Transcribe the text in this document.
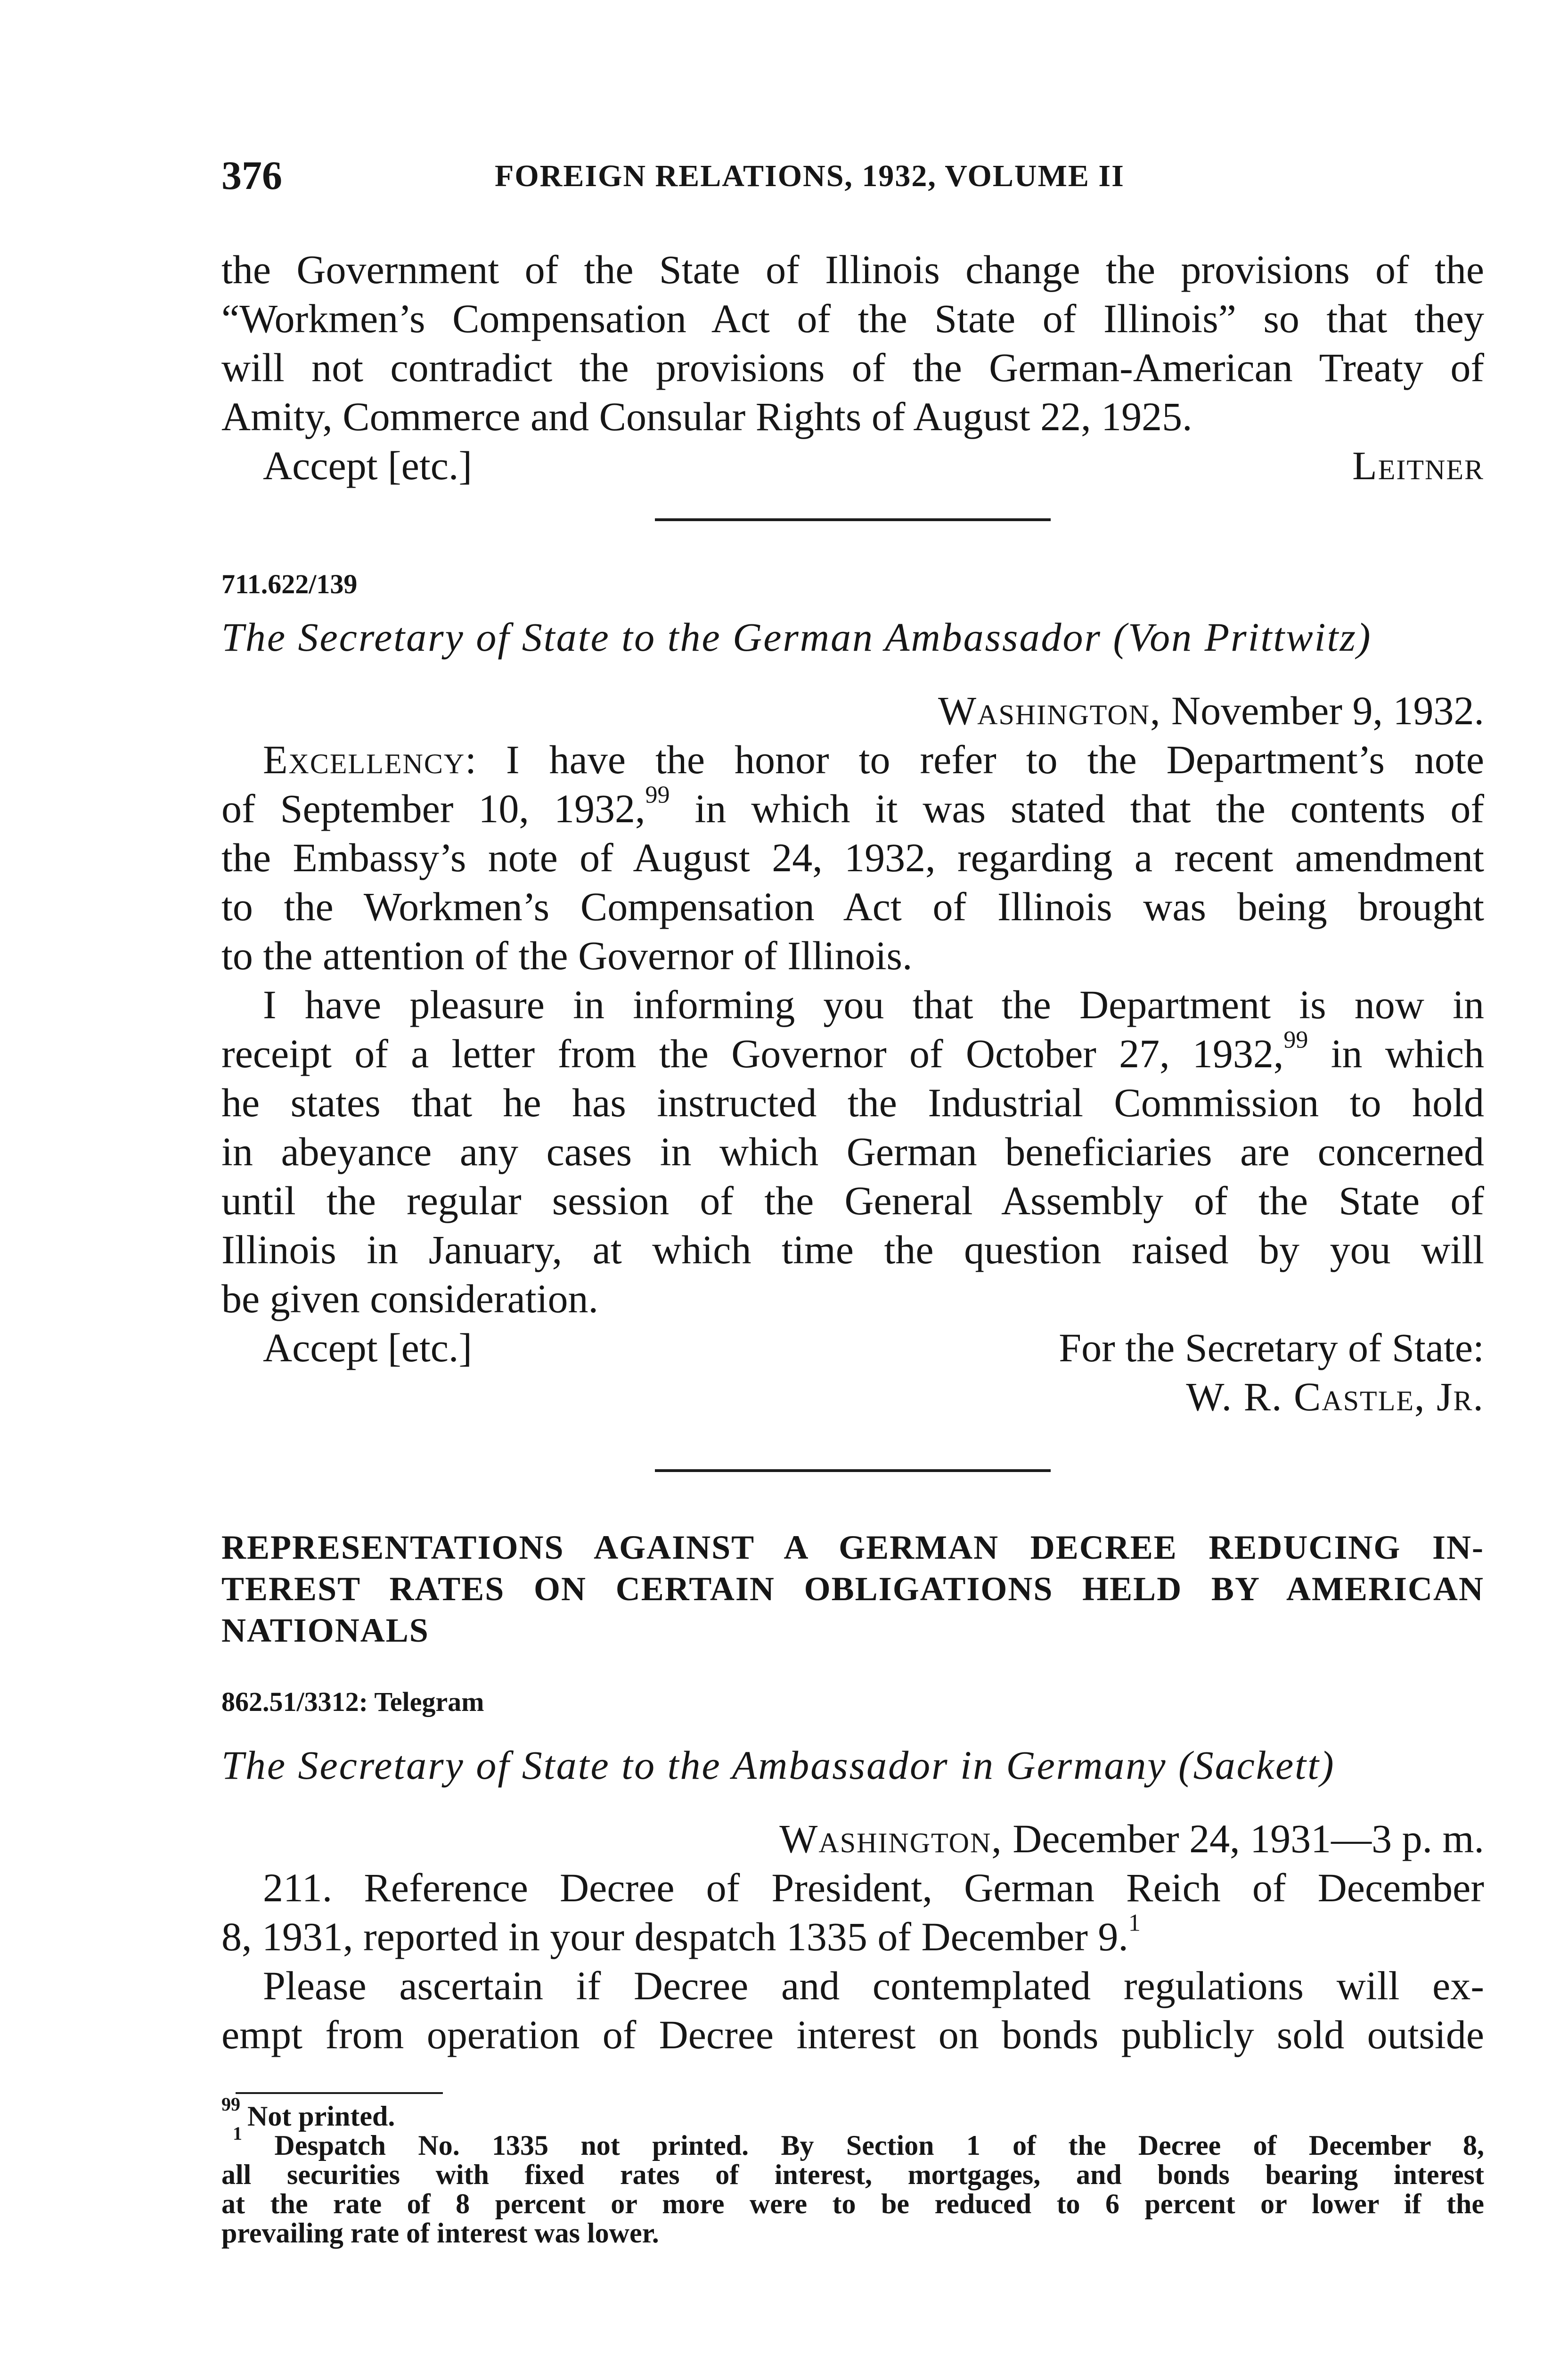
376	FOREIGN RELATIONS, 1932, VOLUME II

the Government of the State of Illinois change the provisions of the

“Workmen’s Compensation Act of the State of Illinois” so that they

will not contradict the provisions of the German-American Treaty of

Amity, Commerce and Consular Rights of August 22, 1925.

Accept [etc.]	Leitner
711.622/139
The Secretary of State to the German Ambassador (Von Prittwitz)
Washington, November 9, 1932.

Excellency: I have the honor to refer to the Department’s note

of September 10, 1932,99 in which it was stated that the contents of

the Embassy’s note of August 24, 1932, regarding a recent amendment

to the Workmen’s Compensation Act of Illinois was being brought

to the attention of the Governor of Illinois.

I have pleasure in informing you that the Department is now in

receipt of a letter from the Governor of October 27, 1932,99 in which

he states that he has instructed the Industrial Commission to hold

in abeyance any cases in which German beneficiaries are concerned

until the regular session of the General Assembly of the State of

Illinois in January, at which time the question raised by you will

be given consideration.

Accept [etc.]	For the Secretary of State:
W. R. Castle, Jr.
REPRESENTATIONS AGAINST A GERMAN DECREE REDUCING IN-
TEREST RATES ON CERTAIN OBLIGATIONS HELD BY AMERICAN
NATIONALS
862.51/3312: Telegram
The Secretary of State to the Ambassador in Germany (Sackett)
Washington, December 24, 1931—3 p. m.

211. Reference Decree of President, German Reich of December

8, 1931, reported in your despatch 1335 of December 9.$^1$

Please ascertain if Decree and contemplated regulations will ex-

empt from operation of Decree interest on bonds publicly sold outside

$^{99}$ Not printed.

$^1$ Despatch No. 1335 not printed. By Section 1 of the Decree of December 8,

all securities with fixed rates of interest, mortgages, and bonds bearing interest

at the rate of 8 percent or more were to be reduced to 6 percent or lower if the

prevailing rate of interest was lower.
